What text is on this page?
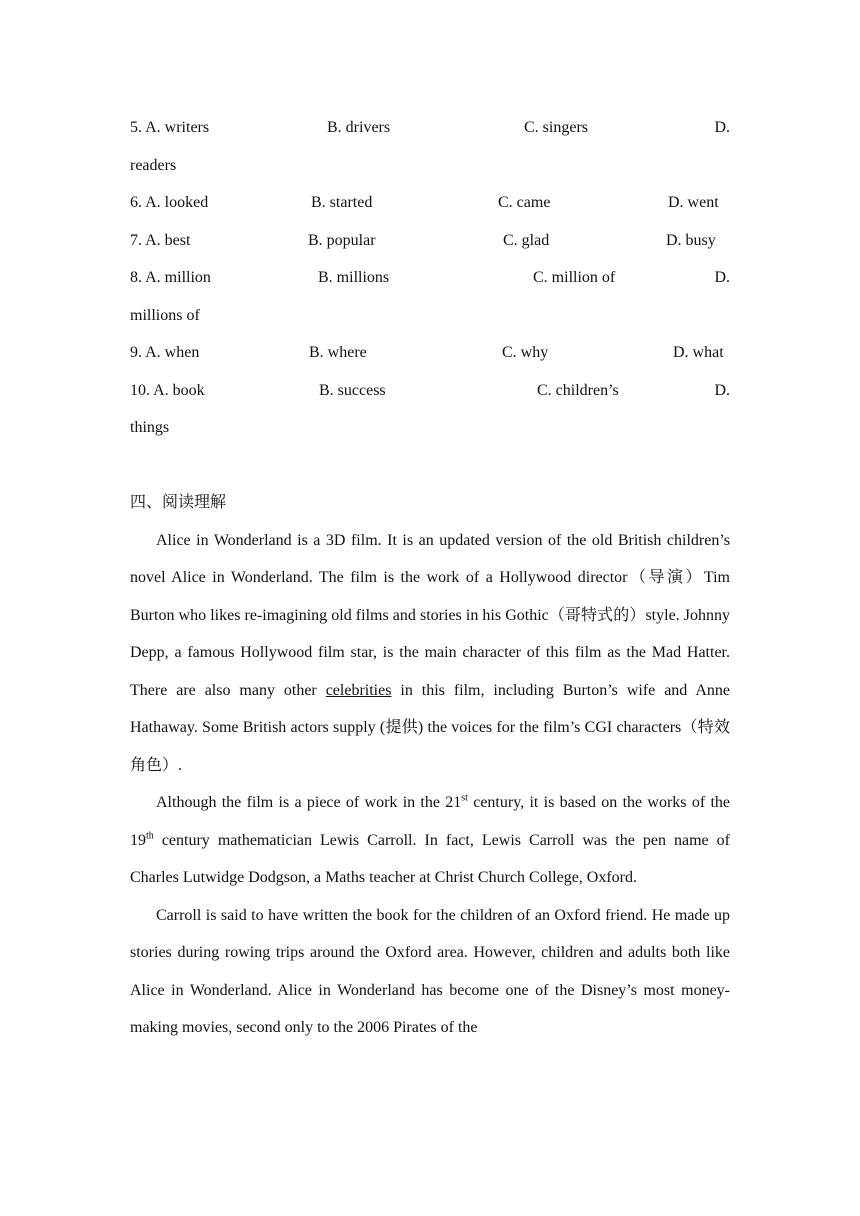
5. A. writers	B. drivers	C. singers	D.
readers
6. A. looked	B. started	C. came	D. went
7. A. best	B. popular	C. glad	D. busy
8. A. million	B. millions	C. million of	D.
millions of
9. A. when	B. where	C. why	D. what
10. A. book	B. success	C. children’s	D.
things
四、阅读理解

Alice in Wonderland is a 3D film. It is an updated version of the old British children’s novel Alice in Wonderland. The film is the work of a Hollywood director（导演）Tim Burton who likes re-imagining old films and stories in his Gothic（哥特式的）style. Johnny Depp, a famous Hollywood film star, is the main character of this film as the Mad Hatter. There are also many other celebrities in this film, including Burton’s wife and Anne Hathaway. Some British actors supply (提供) the voices for the film’s CGI characters（特效角色）.

Although the film is a piece of work in the 21st century, it is based on the works of the 19th century mathematician Lewis Carroll. In fact, Lewis Carroll was the pen name of Charles Lutwidge Dodgson, a Maths teacher at Christ Church College, Oxford.

Carroll is said to have written the book for the children of an Oxford friend. He made up stories during rowing trips around the Oxford area. However, children and adults both like Alice in Wonderland. Alice in Wonderland has become one of the Disney’s most money-making movies, second only to the 2006 Pirates of the
